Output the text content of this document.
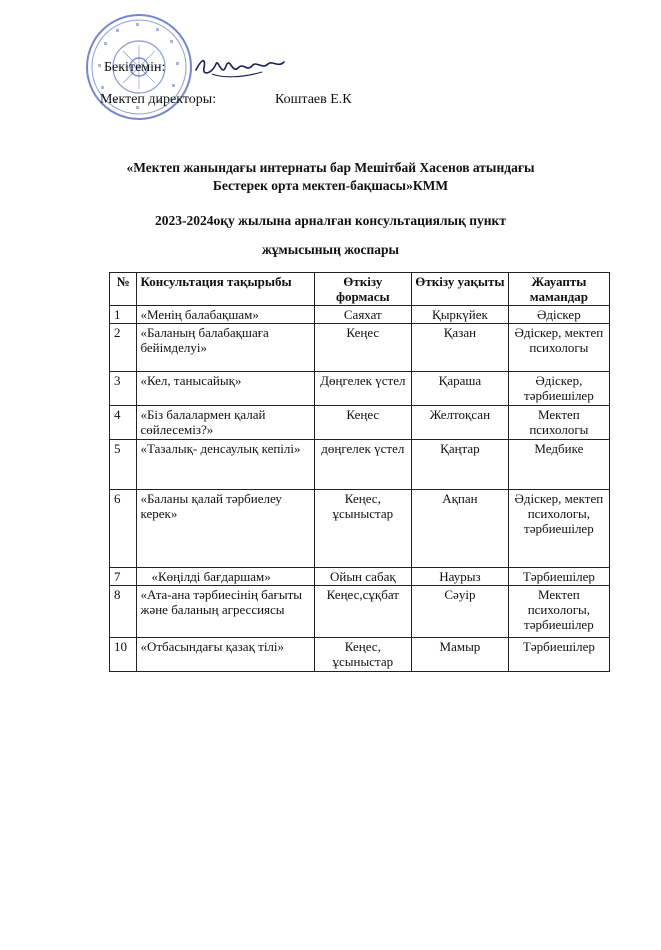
Бекітемін:
Мектеп директоры:	Коштаев Е.К
«Мектеп жанындағы интернаты бар Мешітбай Хасенов атындағы
Бестерек орта мектеп-бақшасы»КММ
2023-2024оқу жылына арналған консультациялық пункт
жұмысының жоспары
№	Консультация тақырыбы	Өткізу формасы	Өткізу уақыты	Жауапты мамандар
1	«Менің балабақшам»	Саяхат	Қыркүйек	Әдіскер
2	«Баланың балабақшаға бейімделуі»	Кеңес	Қазан	Әдіскер, мектеп психологы
3	«Кел, танысайық»	Дөңгелек үстел	Қараша	Әдіскер, тәрбиешілер
4	«Біз балалармен қалай сөйлесеміз?»	Кеңес	Желтоқсан	Мектеп психологы
5	«Тазалық- денсаулық кепілі»	дөңгелек үстел	Қаңтар	Медбике
6	«Баланы қалай тәрбиелеу керек»	Кеңес, ұсыныстар	Ақпан	Әдіскер, мектеп психологы, тәрбиешілер
7	«Көңілді бағдаршам»	Ойын сабақ	Наурыз	Тәрбиешілер
8	«Ата-ана тәрбиесінің бағыты және баланың агрессиясы	Кеңес,сұқбат	Сәуір	Мектеп психологы, тәрбиешілер
10	«Отбасындағы қазақ тілі»	Кеңес, ұсыныстар	Мамыр	Тәрбиешілер
